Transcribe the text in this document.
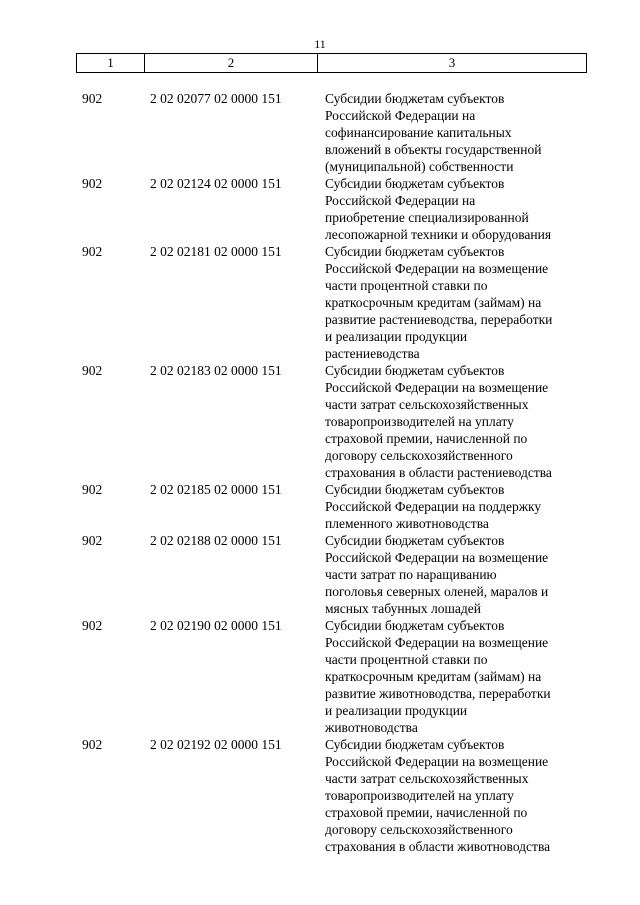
11
1	2	3
902	2 02 02077 02 0000 151	Субсидии бюджетам субъектов
Российской Федерации на
софинансирование капитальных
вложений в объекты государственной
(муниципальной) собственности
902	2 02 02124 02 0000 151	Субсидии бюджетам субъектов
Российской Федерации на
приобретение специализированной
лесопожарной техники и оборудования
902	2 02 02181 02 0000 151	Субсидии бюджетам субъектов
Российской Федерации на возмещение
части процентной ставки по
краткосрочным кредитам (займам) на
развитие растениеводства, переработки
и реализации продукции
растениеводства
902	2 02 02183 02 0000 151	Субсидии бюджетам субъектов
Российской Федерации на возмещение
части затрат сельскохозяйственных
товаропроизводителей на уплату
страховой премии, начисленной по
договору сельскохозяйственного
страхования в области растениеводства
902	2 02 02185 02 0000 151	Субсидии бюджетам субъектов
Российской Федерации на поддержку
племенного животноводства
902	2 02 02188 02 0000 151	Субсидии бюджетам субъектов
Российской Федерации на возмещение
части затрат по наращиванию
поголовья северных оленей, маралов и
мясных табунных лошадей
902	2 02 02190 02 0000 151	Субсидии бюджетам субъектов
Российской Федерации на возмещение
части процентной ставки по
краткосрочным кредитам (займам) на
развитие животноводства, переработки
и реализации продукции
животноводства
902	2 02 02192 02 0000 151	Субсидии бюджетам субъектов
Российской Федерации на возмещение
части затрат сельскохозяйственных
товаропроизводителей на уплату
страховой премии, начисленной по
договору сельскохозяйственного
страхования в области животноводства
